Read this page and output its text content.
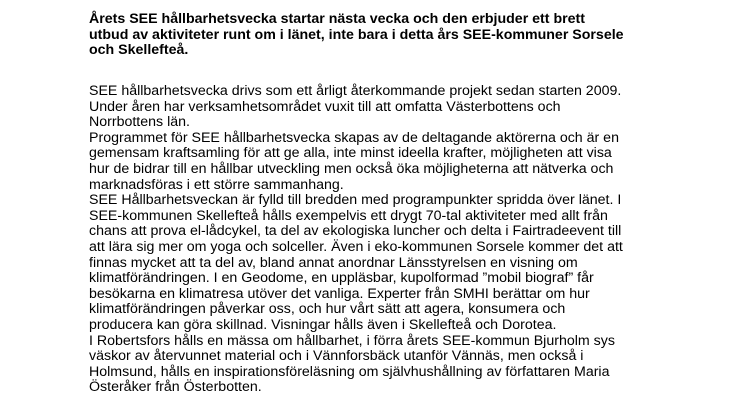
Årets SEE hållbarhetsvecka startar nästa vecka och den erbjuder ett brett
utbud av aktiviteter runt om i länet, inte bara i detta års SEE-kommuner Sorsele
och Skellefteå.
SEE hållbarhetsvecka drivs som ett årligt återkommande projekt sedan starten 2009.
Under åren har verksamhetsområdet vuxit till att omfatta Västerbottens och
Norrbottens län.
Programmet för SEE hållbarhetsvecka skapas av de deltagande aktörerna och är en
gemensam kraftsamling för att ge alla, inte minst ideella krafter, möjligheten att visa
hur de bidrar till en hållbar utveckling men också öka möjligheterna att nätverka och
marknadsföras i ett större sammanhang.
SEE Hållbarhetsveckan är fylld till bredden med programpunkter spridda över länet. I
SEE-kommunen Skellefteå hålls exempelvis ett drygt 70-tal aktiviteter med allt från
chans att prova el-lådcykel, ta del av ekologiska luncher och delta i Fairtradeevent till
att lära sig mer om yoga och solceller. Även i eko-kommunen Sorsele kommer det att
finnas mycket att ta del av, bland annat anordnar Länsstyrelsen en visning om
klimatförändringen. I en Geodome, en uppläsbar, kupolformad ”mobil biograf” får
besökarna en klimatresa utöver det vanliga. Experter från SMHI berättar om hur
klimatförändringen påverkar oss, och hur vårt sätt att agera, konsumera och
producera kan göra skillnad. Visningar hålls även i Skellefteå och Dorotea.
I Robertsfors hålls en mässa om hållbarhet, i förra årets SEE-kommun Bjurholm sys
väskor av återvunnet material och i Vännforsbäck utanför Vännäs, men också i
Holmsund, hålls en inspirationsföreläsning om självhushållning av författaren Maria
Österåker från Österbotten.
